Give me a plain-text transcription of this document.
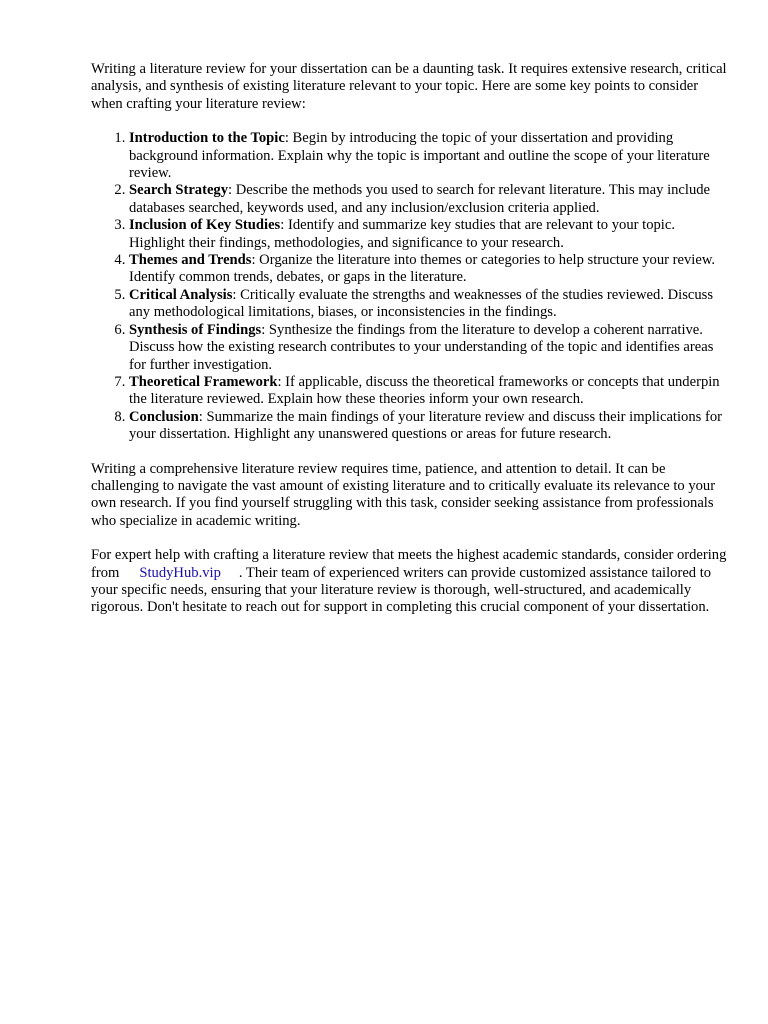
Writing a literature review for your dissertation can be a daunting task. It requires extensive research, critical analysis, and synthesis of existing literature relevant to your topic. Here are some key points to consider when crafting your literature review:

1. Introduction to the Topic: Begin by introducing the topic of your dissertation and providing background information. Explain why the topic is important and outline the scope of your literature review.
2. Search Strategy: Describe the methods you used to search for relevant literature. This may include databases searched, keywords used, and any inclusion/exclusion criteria applied.
3. Inclusion of Key Studies: Identify and summarize key studies that are relevant to your topic. Highlight their findings, methodologies, and significance to your research.
4. Themes and Trends: Organize the literature into themes or categories to help structure your review. Identify common trends, debates, or gaps in the literature.
5. Critical Analysis: Critically evaluate the strengths and weaknesses of the studies reviewed. Discuss any methodological limitations, biases, or inconsistencies in the findings.
6. Synthesis of Findings: Synthesize the findings from the literature to develop a coherent narrative. Discuss how the existing research contributes to your understanding of the topic and identifies areas for further investigation.
7. Theoretical Framework: If applicable, discuss the theoretical frameworks or concepts that underpin the literature reviewed. Explain how these theories inform your own research.
8. Conclusion: Summarize the main findings of your literature review and discuss their implications for your dissertation. Highlight any unanswered questions or areas for future research.

Writing a comprehensive literature review requires time, patience, and attention to detail. It can be challenging to navigate the vast amount of existing literature and to critically evaluate its relevance to your own research. If you find yourself struggling with this task, consider seeking assistance from professionals who specialize in academic writing.

For expert help with crafting a literature review that meets the highest academic standards, consider ordering from StudyHub.vip . Their team of experienced writers can provide customized assistance tailored to your specific needs, ensuring that your literature review is thorough, well-structured, and academically rigorous. Don't hesitate to reach out for support in completing this crucial component of your dissertation.
